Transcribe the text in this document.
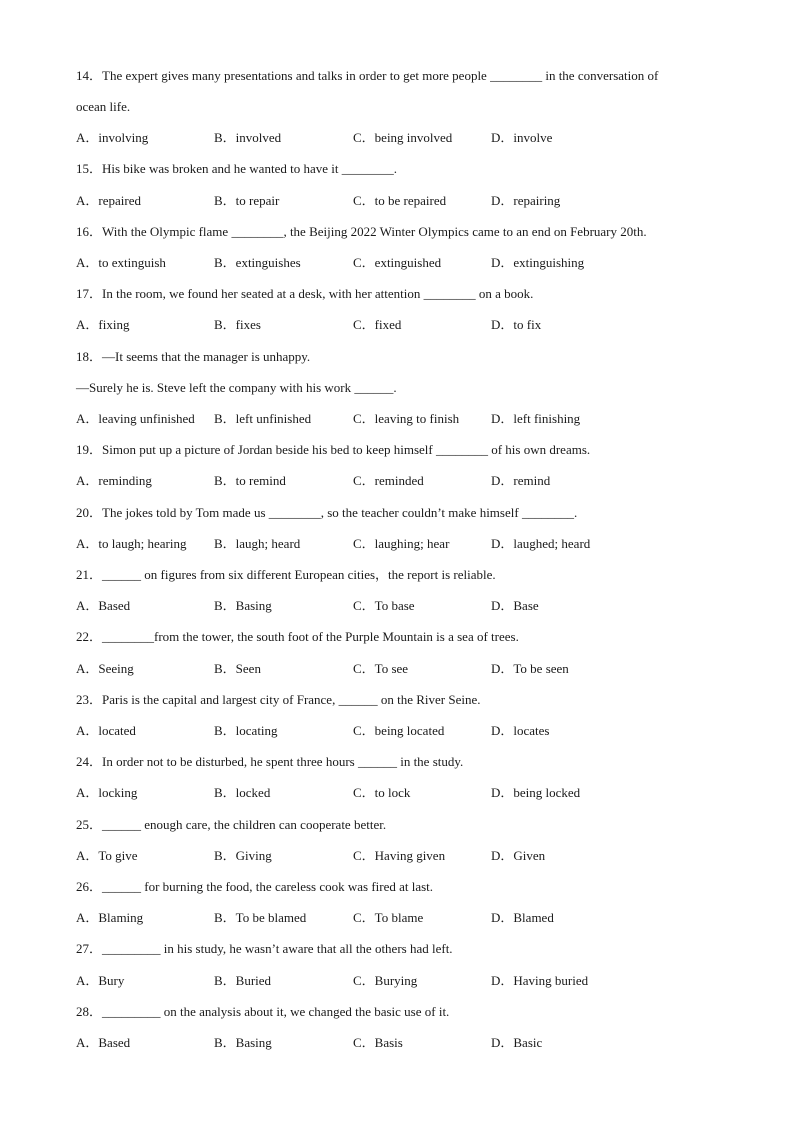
14．The expert gives many presentations and talks in order to get more people ________ in the conversation of
ocean life.
A．involving	B．involved	C．being involved	D．involve
15．His bike was broken and he wanted to have it ________.
A．repaired	B．to repair	C．to be repaired	D．repairing
16．With the Olympic flame ________, the Beijing 2022 Winter Olympics came to an end on February 20th.
A．to extinguish	B．extinguishes	C．extinguished	D．extinguishing
17．In the room, we found her seated at a desk, with her attention ________ on a book.
A．fixing	B．fixes	C．fixed	D．to fix
18．—It seems that the manager is unhappy.
—Surely he is. Steve left the company with his work ______.
A．leaving unfinished B．left unfinished	C．leaving to finish D．left finishing
19．Simon put up a picture of Jordan beside his bed to keep himself ________ of his own dreams.
A．reminding	B．to remind	C．reminded	D．remind
20．The jokes told by Tom made us ________, so the teacher couldn’t make himself ________.
A．to laugh; hearing B．laugh; heard	C．laughing; hear	D．laughed; heard
21．______ on figures from six different European cities，the report is reliable.
A．Based	B．Basing	C．To base	D．Base
22．________from the tower, the south foot of the Purple Mountain is a sea of trees.
A．Seeing	B．Seen	C．To see	D．To be seen
23．Paris is the capital and largest city of France, ______ on the River Seine.
A．located	B．locating	C．being located	D．locates
24．In order not to be disturbed, he spent three hours ______ in the study.
A．locking	B．locked	C．to lock	D．being locked
25．______ enough care, the children can cooperate better.
A．To give	B．Giving	C．Having given	D．Given
26．______ for burning the food, the careless cook was fired at last.
A．Blaming	B．To be blamed	C．To blame	D．Blamed
27．_________ in his study, he wasn’t aware that all the others had left.
A．Bury	B．Buried	C．Burying	D．Having buried
28．_________ on the analysis about it, we changed the basic use of it.
A．Based	B．Basing	C．Basis	D．Basic
